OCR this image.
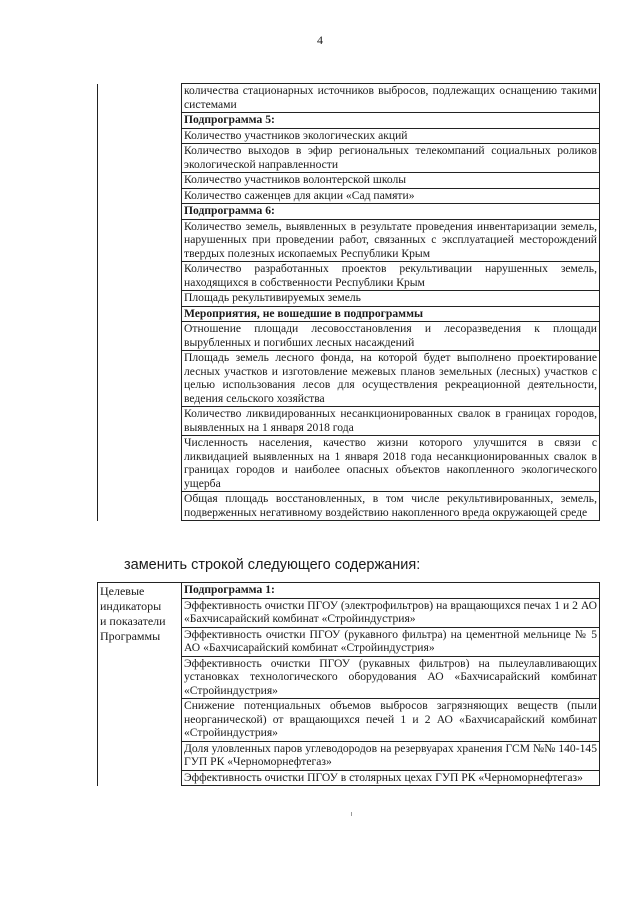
4
	количества стационарных источников выбросов, подлежащих оснащению такими системами
Подпрограмма 5:
Количество участников экологических акций
Количество выходов в эфир региональных телекомпаний социальных роликов экологической направленности
Количество участников волонтерской школы
Количество саженцев для акции «Сад памяти»
Подпрограмма 6:
Количество земель, выявленных в результате проведения инвентаризации земель, нарушенных при проведении работ, связанных с эксплуатацией месторождений твердых полезных ископаемых Республики Крым
Количество разработанных проектов рекультивации нарушенных земель, находящихся в собственности Республики Крым
Площадь рекультивируемых земель
Мероприятия, не вошедшие в подпрограммы
Отношение площади лесовосстановления и лесоразведения к площади вырубленных и погибших лесных насаждений
Площадь земель лесного фонда, на которой будет выполнено проектирование лесных участков и изготовление межевых планов земельных (лесных) участков с целью использования лесов для осуществления рекреационной деятельности, ведения сельского хозяйства
Количество ликвидированных несанкционированных свалок в границах городов, выявленных на 1 января 2018 года
Численность населения, качество жизни которого улучшится в связи с ликвидацией выявленных на 1 января 2018 года несанкционированных свалок в границах городов и наиболее опасных объектов накопленного экологического ущерба
Общая площадь восстановленных, в том числе рекультивированных, земель, подверженных негативному воздействию накопленного вреда окружающей среде
заменить строкой следующего содержания:
Целевые
индикаторы
и показатели
Программы
	Подпрограмма 1:
Эффективность очистки ПГОУ (электрофильтров) на вращающихся печах 1 и 2 АО «Бахчисарайский комбинат «Стройиндустрия»
Эффективность очистки ПГОУ (рукавного фильтра) на цементной мельнице № 5 АО «Бахчисарайский комбинат «Стройиндустрия»
Эффективность очистки ПГОУ (рукавных фильтров) на пылеулавливающих установках технологического оборудования АО «Бахчисарайский комбинат «Стройиндустрия»
Снижение потенциальных объемов выбросов загрязняющих веществ (пыли неорганической) от вращающихся печей 1 и 2 АО «Бахчисарайский комбинат «Стройиндустрия»
Доля уловленных паров углеводородов на резервуарах хранения ГСМ №№ 140-145 ГУП РК «Черноморнефтегаз»
Эффективность очистки ПГОУ в столярных цехах ГУП РК «Черноморнефтегаз»
